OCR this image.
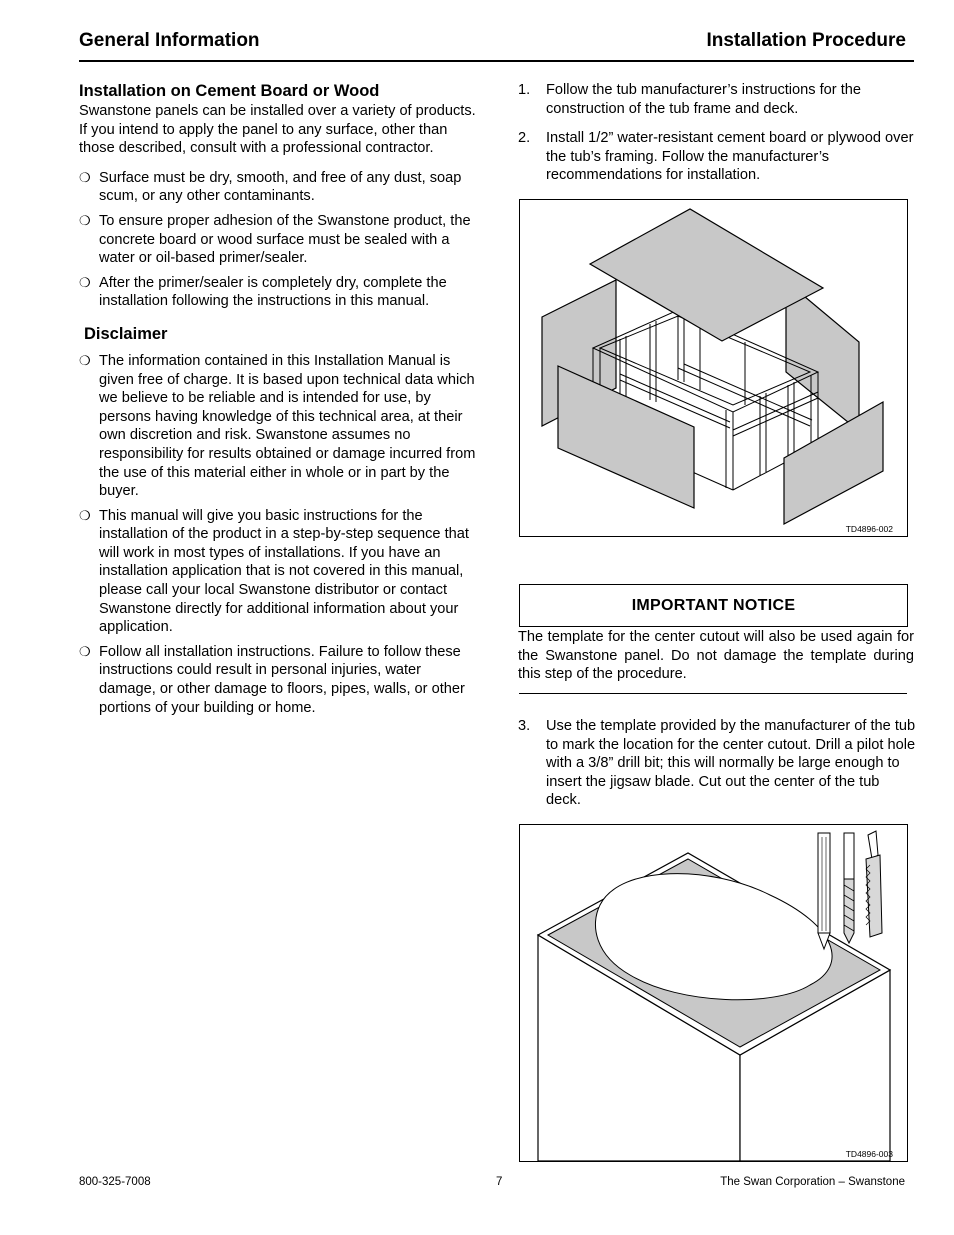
General Information	Installation Procedure
Installation on Cement Board or Wood

Swanstone panels can be installed over a variety of products. If you intend to apply the panel to any surface, other than those described, consult with a professional contractor.

❍ Surface must be dry, smooth, and free of any dust, soap scum, or any other contaminants.
❍ To ensure proper adhesion of the Swanstone product, the concrete board or wood surface must be sealed with a water or oil-based primer/sealer.
❍ After the primer/sealer is completely dry, complete the installation following the instructions in this manual.
Disclaimer
❍ The information contained in this Installation Manual is given free of charge. It is based upon technical data which we believe to be reliable and is intended for use, by persons having knowledge of this technical area, at their own discretion and risk. Swanstone assumes no responsibility for results obtained or damage incurred from the use of this material either in whole or in part by the buyer.
❍ This manual will give you basic instructions for the installation of the product in a step-by-step sequence that will work in most types of installations. If you have an installation application that is not covered in this manual, please call your local Swanstone distributor or contact Swanstone directly for additional information about your application.
❍ Follow all installation instructions. Failure to follow these instructions could result in personal injuries, water damage, or other damage to floors, pipes, walls, or other portions of your building or home.
1. Follow the tub manufacturer’s instructions for the construction of the tub frame and deck.
2. Install 1/2” water-resistant cement board or plywood over the tub’s framing. Follow the manufacturer’s recommendations for installation.
TD4896-002
IMPORTANT NOTICE
The template for the center cutout will also be used again for the Swanstone panel. Do not damage the template during this step of the procedure.
3. Use the template provided by the manufacturer of the tub to mark the location for the center cutout. Drill a pilot hole with a 3/8” drill bit; this will normally be large enough to insert the jigsaw blade. Cut out the center of the tub deck.
TD4896-003
800-325-7008	7	The Swan Corporation – Swanstone
